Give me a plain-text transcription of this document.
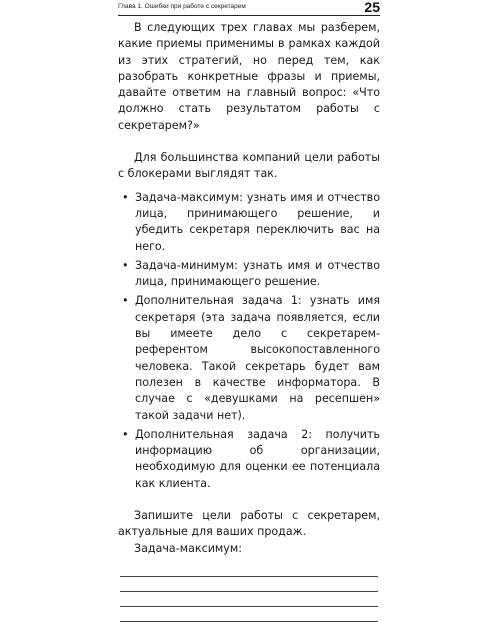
Глава 1. Ошибки при работе с секретарем	25

В следующих трех главах мы разберем, какие приемы применимы в рамках каждой из этих стратегий, но перед тем, как разобрать конкретные фразы и приемы, давайте ответим на главный вопрос: «Что должно стать результатом работы с секретарем?»

Для большинства компаний цели работы с блокерами выглядят так.

• Задача-максимум: узнать имя и отчество лица, принимающего решение, и убедить секретаря переключить вас на него.
• Задача-минимум: узнать имя и отчество лица, принимающего решение.
• Дополнительная задача 1: узнать имя секретаря (эта задача появляется, если вы имеете дело с секретарем-референтом высокопоставленного человека. Такой секретарь будет вам полезен в качестве информатора. В случае с «девушками на ресепшен» такой задачи нет).
• Дополнительная задача 2: получить информацию об организации, необходимую для оценки ее потенциала как клиента.

Запишите цели работы с секретарем, актуальные для ваших продаж.

Задача-максимум:
